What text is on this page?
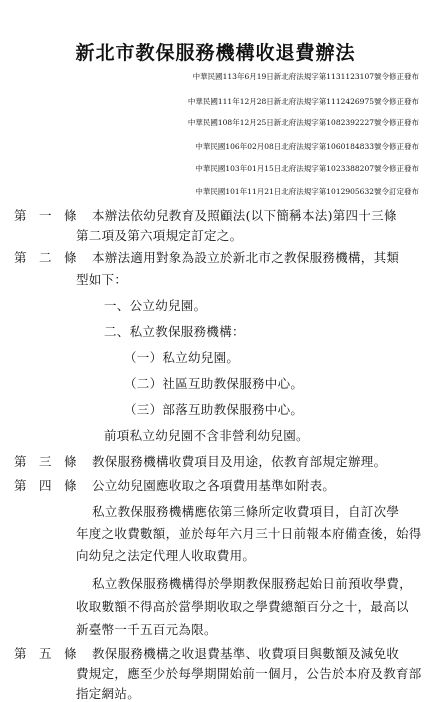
新北市教保服務機構收退費辦法
中華民國113年6月19日新北府法規字第1131123107號令修正發布
中華民國111年12月28日新北府法規字第1112426975號令修正發布
中華民國108年12月25日新北府法規字第1082392227號令修正發布
中華民國106年02月08日北府法規字第1060184833號令修正發布
中華民國103年01月15日北府法規字第1023388207號令修正發布
中華民國101年11月21日北府法規字第1012905632號令訂定發布
第　一　條 本辦法依幼兒教育及照顧法(以下簡稱本法)第四十三條
第二項及第六項規定訂定之。
第　二　條 本辦法適用對象為設立於新北市之教保服務機構，其類
型如下：
一、公立幼兒園。
二、私立教保服務機構：
（一）私立幼兒園。
（二）社區互助教保服務中心。
（三）部落互助教保服務中心。
前項私立幼兒園不含非營利幼兒園。
第　三　條 教保服務機構收費項目及用途，依教育部規定辦理。
第　四　條 公立幼兒園應收取之各項費用基準如附表。
私立教保服務機構應依第三條所定收費項目，自訂次學
年度之收費數額，並於每年六月三十日前報本府備查後，始得
向幼兒之法定代理人收取費用。
私立教保服務機構得於學期教保服務起始日前預收學費，
收取數額不得高於當學期收取之學費總額百分之十，最高以
新臺幣一千五百元為限。
第　五　條 教保服務機構之收退費基準、收費項目與數額及減免收
費規定，應至少於每學期開始前一個月，公告於本府及教育部
指定網站。
